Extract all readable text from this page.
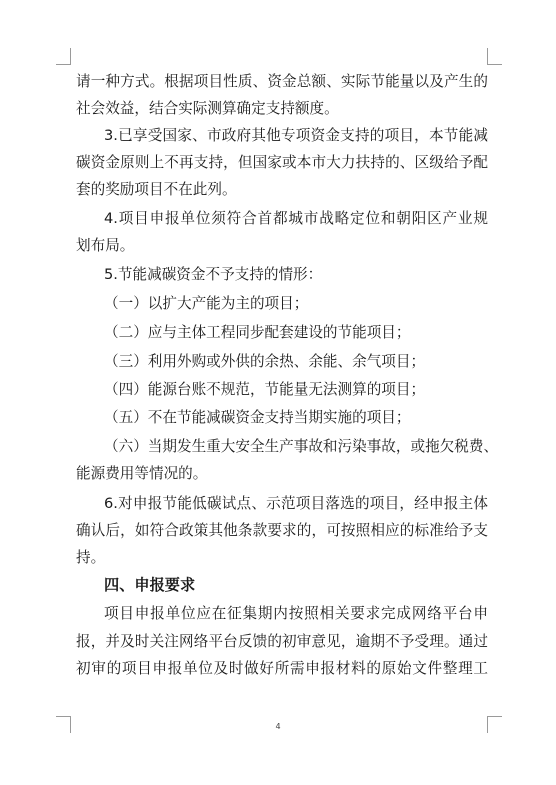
请一种方式。根据项目性质、资金总额、实际节能量以及产生的
社会效益，结合实际测算确定支持额度。
3.已享受国家、市政府其他专项资金支持的项目，本节能减
碳资金原则上不再支持，但国家或本市大力扶持的、区级给予配
套的奖励项目不在此列。
4.项目申报单位须符合首都城市战略定位和朝阳区产业规
划布局。
5.节能减碳资金不予支持的情形：
（一）以扩大产能为主的项目；
（二）应与主体工程同步配套建设的节能项目；
（三）利用外购或外供的余热、余能、余气项目；
（四）能源台账不规范，节能量无法测算的项目；
（五）不在节能减碳资金支持当期实施的项目；
（六）当期发生重大安全生产事故和污染事故，或拖欠税费、
能源费用等情况的。
6.对申报节能低碳试点、示范项目落选的项目，经申报主体
确认后，如符合政策其他条款要求的，可按照相应的标准给予支
持。
四、申报要求
项目申报单位应在征集期内按照相关要求完成网络平台申
报，并及时关注网络平台反馈的初审意见，逾期不予受理。通过
初审的项目申报单位及时做好所需申报材料的原始文件整理工
4
